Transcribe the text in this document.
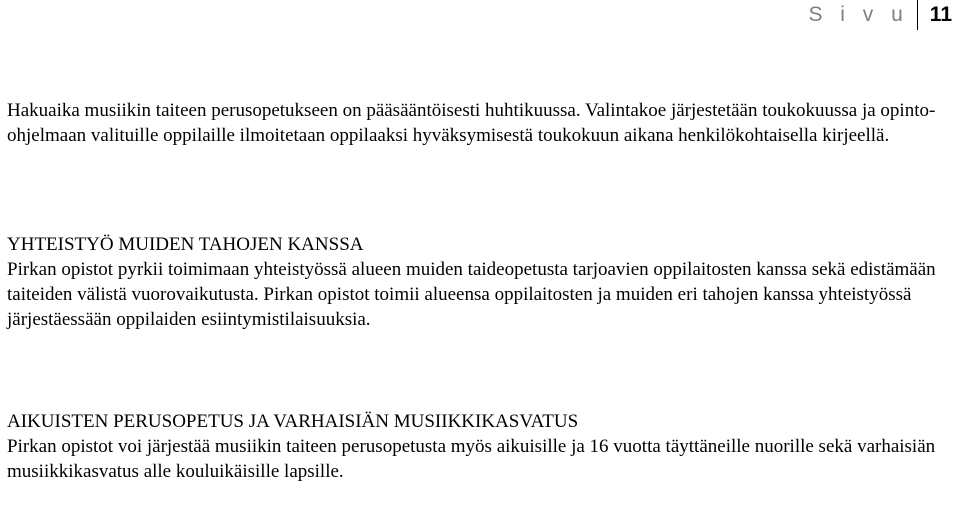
S i v u	11

Hakuaika musiikin taiteen perusopetukseen on pääsääntöisesti huhtikuussa. Valintakoe järjestetään toukokuussa ja opinto-ohjelmaan valituille oppilaille ilmoitetaan oppilaaksi hyväksymisestä toukokuun aikana henkilökohtaisella kirjeellä.

YHTEISTYÖ MUIDEN TAHOJEN KANSSA

Pirkan opistot pyrkii toimimaan yhteistyössä alueen muiden taideopetusta tarjoavien oppilaitosten kanssa sekä edistämään taiteiden välistä vuorovaikutusta. Pirkan opistot toimii alueensa oppilaitosten ja muiden eri tahojen kanssa yhteistyössä järjestäessään oppilaiden esiintymistilaisuuksia.

AIKUISTEN PERUSOPETUS JA VARHAISIÄN MUSIIKKIKASVATUS

Pirkan opistot voi järjestää musiikin taiteen perusopetusta myös aikuisille ja 16 vuotta täyttäneille nuorille sekä varhaisiän musiikkikasvatus alle kouluikäisille lapsille.
